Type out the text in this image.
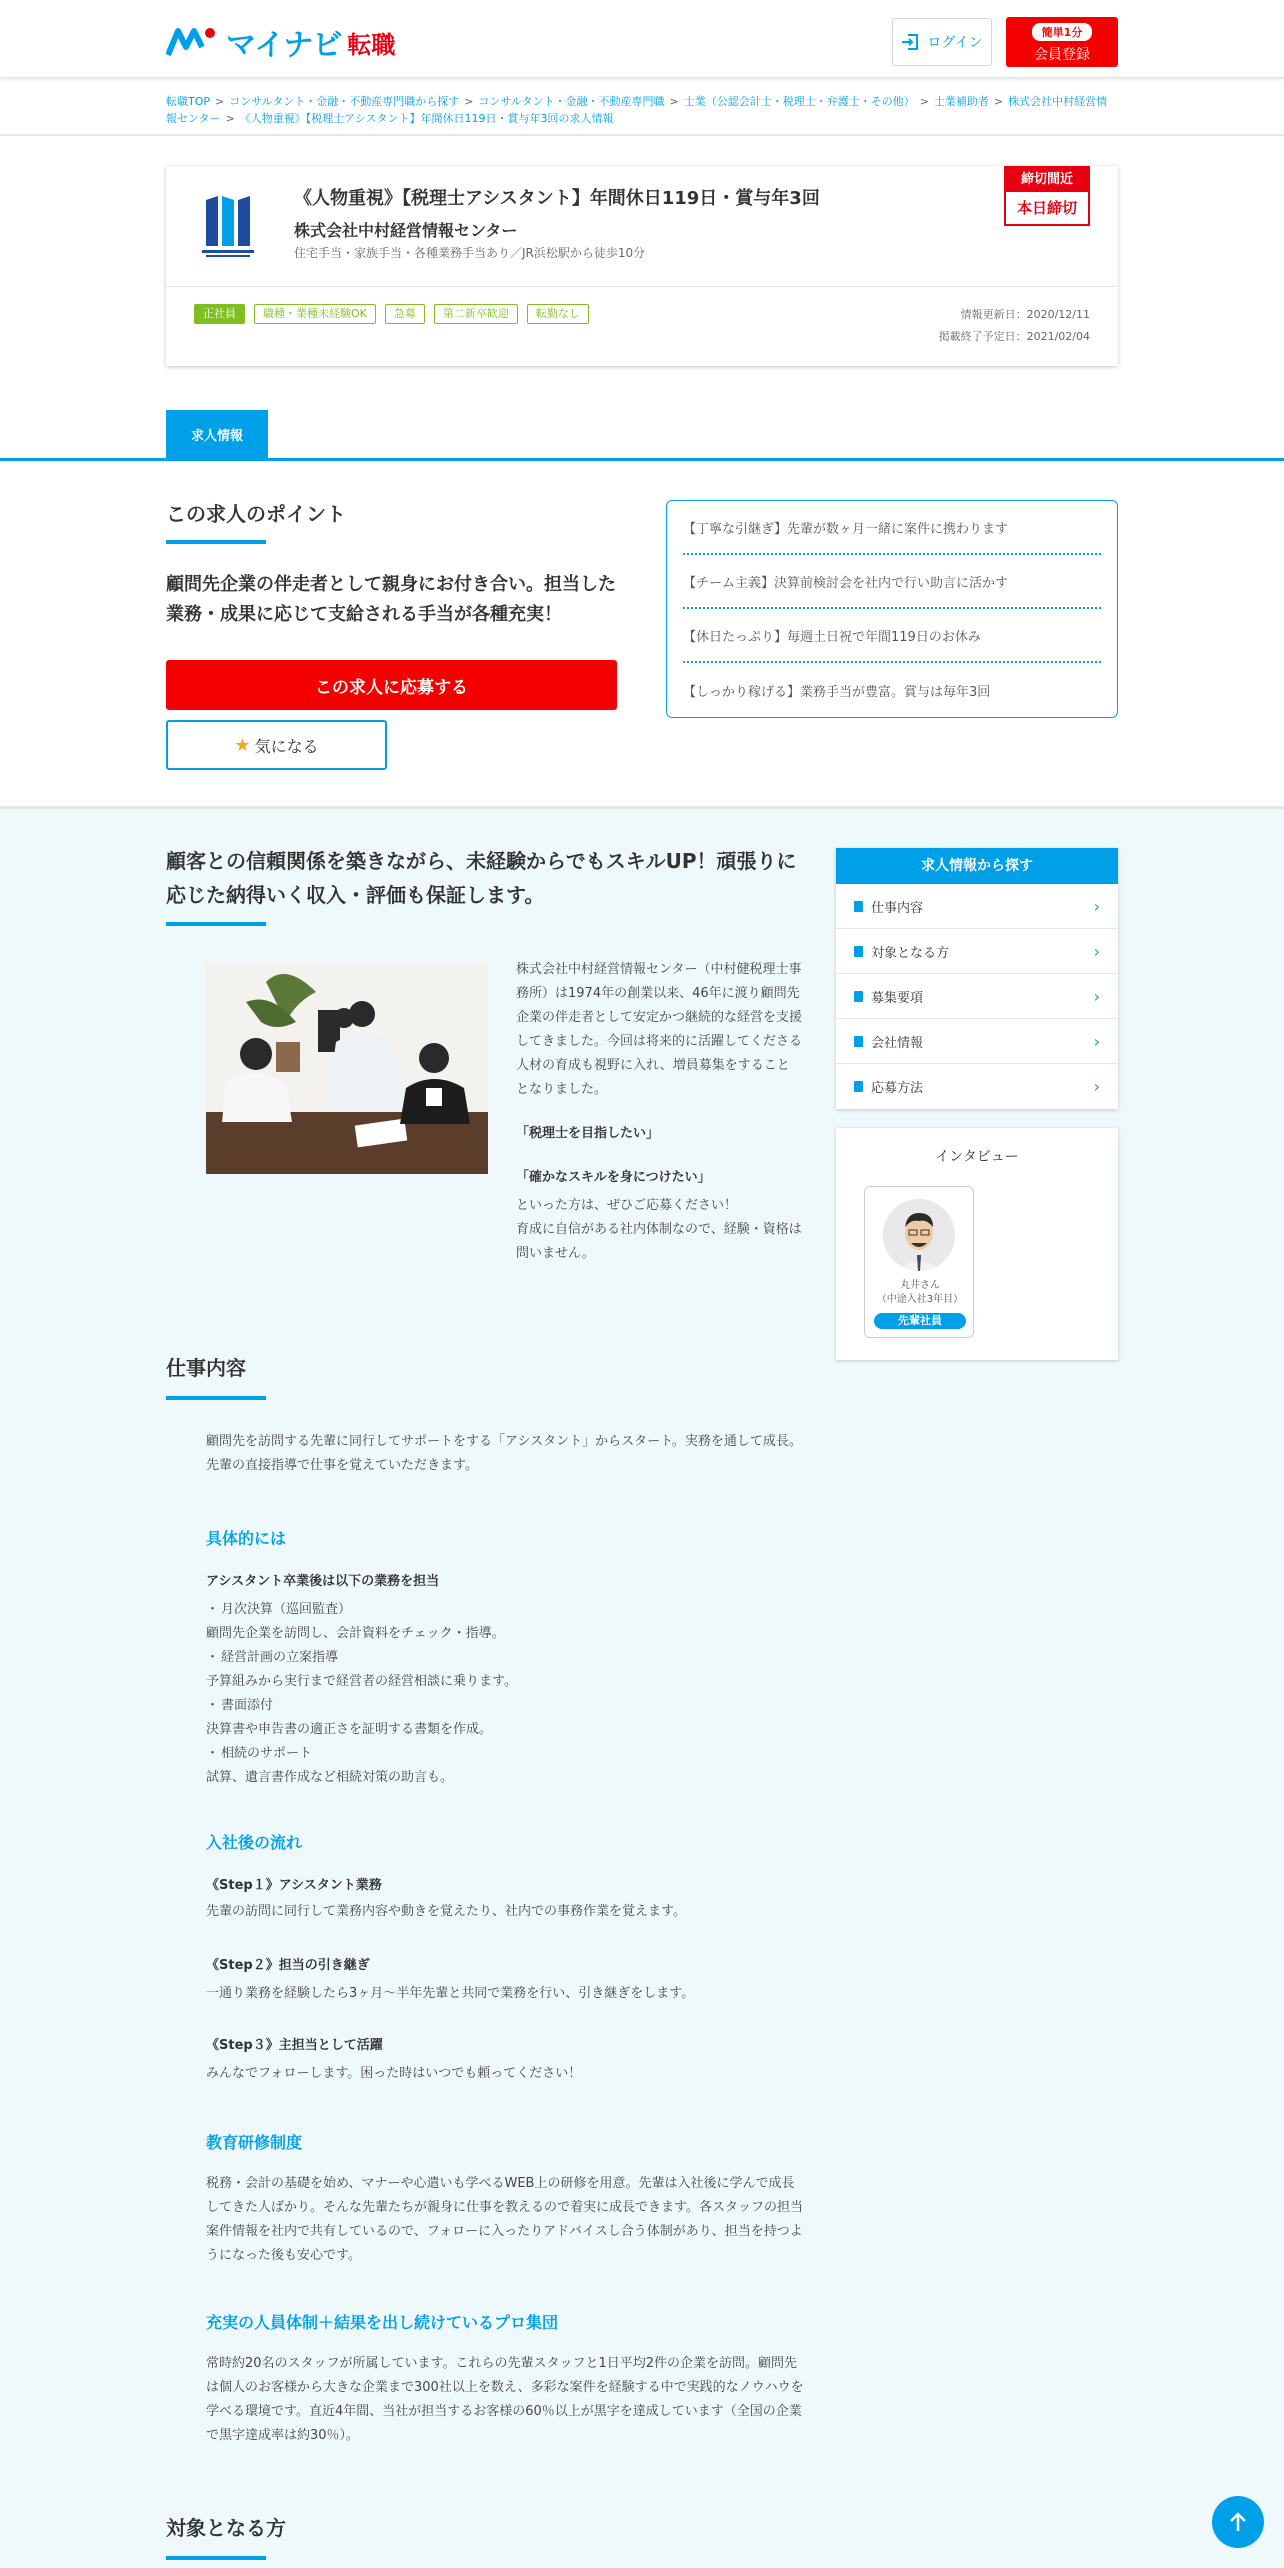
マイナビ 転職	ログイン
簡単1分
会員登録
転職TOP > コンサルタント・金融・不動産専門職から探す > コンサルタント・金融・不動産専門職 > 士業（公認会計士・税理士・弁護士・その他） > 士業補助者 > 株式会社中村経営情報センター > 《人物重視》【税理士アシスタント】年間休日119日・賞与年3回の求人情報
《人物重視》【税理士アシスタント】年間休日119日・賞与年3回
株式会社中村経営情報センター
住宅手当・家族手当・各種業務手当あり／JR浜松駅から徒歩10分
締切間近
本日締切
正社員	職種・業種未経験OK	急募	第二新卒歓迎	転勤なし	情報更新日：2020/12/11
掲載終了予定日：2021/02/04
求人情報
この求人のポイント

顧問先企業の伴走者として親身にお付き合い。担当した業務・成果に応じて支給される手当が各種充実！

この求人に応募する
★ 気になる
【丁寧な引継ぎ】先輩が数ヶ月一緒に案件に携わります
【チーム主義】決算前検討会を社内で行い助言に活かす
【休日たっぷり】毎週土日祝で年間119日のお休み
【しっかり稼げる】業務手当が豊富。賞与は毎年3回
顧客との信頼関係を築きながら、未経験からでもスキルUP！頑張りに応じた納得いく収入・評価も保証します。

株式会社中村経営情報センター（中村健税理士事務所）は1974年の創業以来、46年に渡り顧問先企業の伴走者として安定かつ継続的な経営を支援してきました。今回は将来的に活躍してくださる人材の育成も視野に入れ、増員募集をすることとなりました。

「税理士を目指したい」

「確かなスキルを身につけたい」

といった方は、ぜひご応募ください！
育成に自信がある社内体制なので、経験・資格は問いません。

仕事内容

顧問先を訪問する先輩に同行してサポートをする「アシスタント」からスタート。実務を通して成長。先輩の直接指導で仕事を覚えていただきます。

具体的には
アシスタント卒業後は以下の業務を担当
・ 月次決算（巡回監査）
顧問先企業を訪問し、会計資料をチェック・指導。
・ 経営計画の立案指導
予算組みから実行まで経営者の経営相談に乗ります。
・ 書面添付
決算書や申告書の適正さを証明する書類を作成。
・ 相続のサポート
試算、遺言書作成など相続対策の助言も。
入社後の流れ
《Step１》アシスタント業務
先輩の訪問に同行して業務内容や動きを覚えたり、社内での事務作業を覚えます。
《Step２》担当の引き継ぎ
一通り業務を経験したら3ヶ月～半年先輩と共同で業務を行い、引き継ぎをします。
《Step３》主担当として活躍
みんなでフォローします。困った時はいつでも頼ってください！
教育研修制度

税務・会計の基礎を始め、マナーや心遣いも学べるWEB上の研修を用意。先輩は入社後に学んで成長してきた人ばかり。そんな先輩たちが親身に仕事を教えるので着実に成長できます。各スタッフの担当案件情報を社内で共有しているので、フォローに入ったりアドバイスし合う体制があり、担当を持つようになった後も安心です。

充実の人員体制＋結果を出し続けているプロ集団

常時約20名のスタッフが所属しています。これらの先輩スタッフと1日平均2件の企業を訪問。顧問先は個人のお客様から大きな企業まで300社以上を数え、多彩な案件を経験する中で実践的なノウハウを学べる環境です。直近4年間、当社が担当するお客様の60％以上が黒字を達成しています（全国の企業で黒字達成率は約30％）。

対象となる方
求人情報から探す
仕事内容	›
対象となる方	›
募集要項	›
会社情報	›
応募方法	›
インタビュー
丸井さん
（中途入社3年目）
先輩社員
